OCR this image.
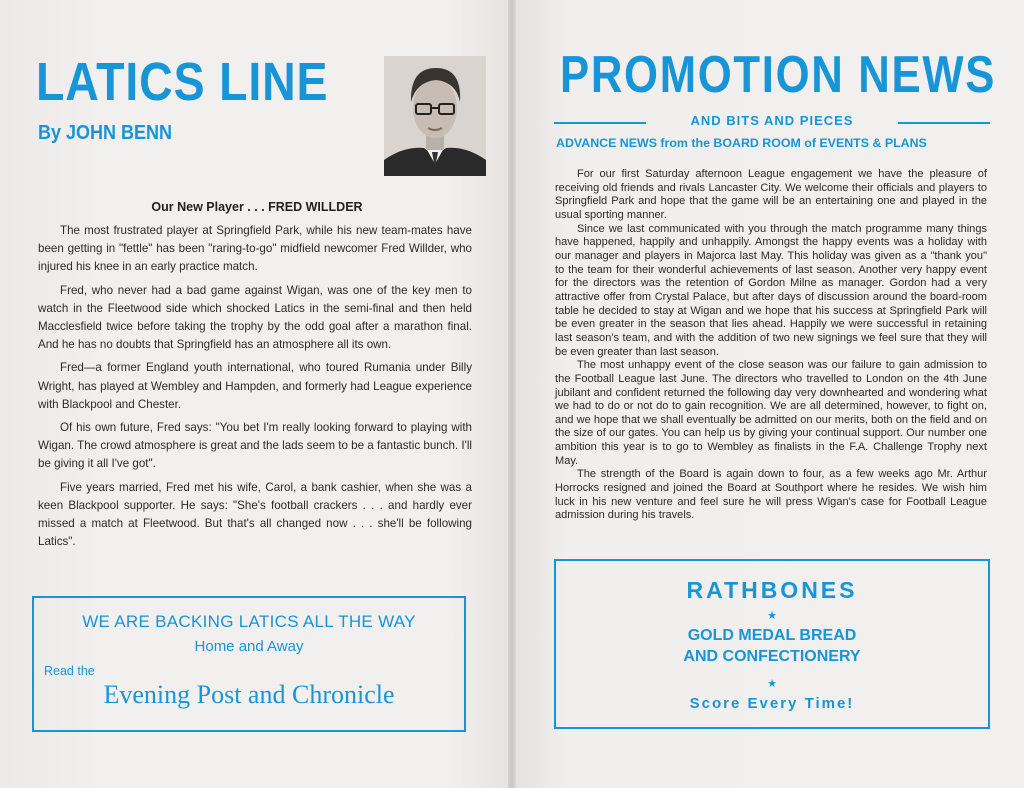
LATICS LINE
By JOHN BENN
Our New Player . . . FRED WILLDER

The most frustrated player at Springfield Park, while his new team-mates have been getting in "fettle" has been "raring-to-go" midfield newcomer Fred Willder, who injured his knee in an early practice match.

Fred, who never had a bad game against Wigan, was one of the key men to watch in the Fleetwood side which shocked Latics in the semi-final and then held Macclesfield twice before taking the trophy by the odd goal after a marathon final. And he has no doubts that Springfield has an atmosphere all its own.

Fred—a former England youth international, who toured Rumania under Billy Wright, has played at Wembley and Hampden, and formerly had League experience with Blackpool and Chester.

Of his own future, Fred says: "You bet I'm really looking forward to playing with Wigan. The crowd atmosphere is great and the lads seem to be a fantastic bunch. I'll be giving it all I've got".

Five years married, Fred met his wife, Carol, a bank cashier, when she was a keen Blackpool supporter. He says: "She's football crackers . . . and hardly ever missed a match at Fleetwood. But that's all changed now . . . she'll be following Latics".

WE ARE BACKING LATICS ALL THE WAY
Home and Away
Read the
Evening Post and Chronicle
PROMOTION NEWS
AND BITS AND PIECES
ADVANCE NEWS from the BOARD ROOM of EVENTS & PLANS

For our first Saturday afternoon League engagement we have the pleasure of receiving old friends and rivals Lancaster City. We welcome their officials and players to Springfield Park and hope that the game will be an entertaining one and played in the usual sporting manner.

Since we last communicated with you through the match programme many things have happened, happily and unhappily. Amongst the happy events was a holiday with our manager and players in Majorca last May. This holiday was given as a "thank you" to the team for their wonderful achievements of last season. Another very happy event for the directors was the retention of Gordon Milne as manager. Gordon had a very attractive offer from Crystal Palace, but after days of discussion around the board-room table he decided to stay at Wigan and we hope that his success at Springfield Park will be even greater in the season that lies ahead. Happily we were successful in retaining last season's team, and with the addition of two new signings we feel sure that they will be even greater than last season.

The most unhappy event of the close season was our failure to gain admission to the Football League last June. The directors who travelled to London on the 4th June jubilant and confident returned the following day very downhearted and wondering what we had to do or not do to gain recognition. We are all determined, however, to fight on, and we hope that we shall eventually be admitted on our merits, both on the field and on the size of our gates. You can help us by giving your continual support. Our number one ambition this year is to go to Wembley as finalists in the F.A. Challenge Trophy next May.

The strength of the Board is again down to four, as a few weeks ago Mr. Arthur Horrocks resigned and joined the Board at Southport where he resides. We wish him luck in his new venture and feel sure he will press Wigan's case for Football League admission during his travels.

RATHBONES
★
GOLD MEDAL BREAD
AND CONFECTIONERY
★
Score Every Time!
